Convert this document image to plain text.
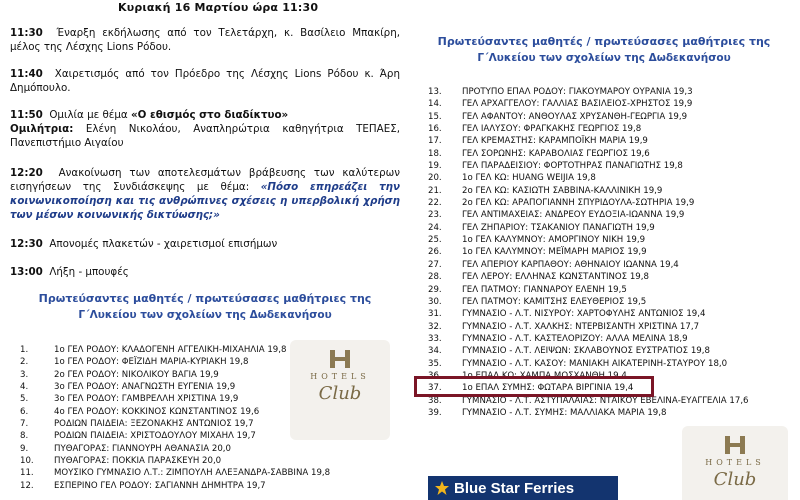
Κυριακή 16 Μαρτίου ώρα 11:30
11:30 Έναρξη εκδήλωσης από τον Τελετάρχη, κ. Βασίλειο Μπακίρη, μέλος της Λέσχης Lions Ρόδου.
11:40 Χαιρετισμός από τον Πρόεδρο της Λέσχης Lions Ρόδου κ. Άρη Δημόπουλο.
11:50 Ομιλία με θέμα «Ο εθισμός στο διαδίκτυο»
Ομιλήτρια: Ελένη Νικολάου, Αναπληρώτρια καθηγήτρια ΤΕΠΑΕΣ, Πανεπιστήμιο Αιγαίου
12:20 Ανακοίνωση των αποτελεσμάτων βράβευσης των καλύτερων εισηγήσεων της Συνδιάσκεψης με θέμα: «Πόσο επηρεάζει την κοινωνικοποίηση και τις ανθρώπινες σχέσεις η υπερβολική χρήση των μέσων κοινωνικής δικτύωσης;»
12:30 Απονομές πλακετών - χαιρετισμοί επισήμων
13:00 Λήξη - μπουφές
Πρωτεύσαντες μαθητές / πρωτεύσασες μαθήτριες της
Γ΄Λυκείου των σχολείων της Δωδεκανήσου
1.	1ο ΓΕΛ ΡΟΔΟΥ: ΚΛΑΔΟΓΕΝΗ ΑΓΓΕΛΙΚΗ-ΜΙΧΑΗΛΙΑ 19,8
2.	1ο ΓΕΛ ΡΟΔΟΥ: ΦΕΪΖΙΔΗ ΜΑΡΙΑ-ΚΥΡΙΑΚΗ 19,8
3.	2ο ΓΕΛ ΡΟΔΟΥ: ΝΙΚΟΛΙΚΟΥ ΒΑΓΙΑ 19,9
4.	3ο ΓΕΛ ΡΟΔΟΥ: ΑΝΑΓΝΩΣΤΗ ΕΥΓΕΝΙΑ 19,9
5.	3ο ΓΕΛ ΡΟΔΟΥ: ΓΑΜΒΡΕΛΛΗ ΧΡΙΣΤΙΝΑ 19,9
6.	4ο ΓΕΛ ΡΟΔΟΥ: ΚΟΚΚΙΝΟΣ ΚΩΝΣΤΑΝΤΙΝΟΣ 19,6
7.	ΡΟΔΙΩΝ ΠΑΙΔΕΙΑ: ΞΕΖΟΝΑΚΗΣ ΑΝΤΩΝΙΟΣ 19,7
8.	ΡΟΔΙΩΝ ΠΑΙΔΕΙΑ: ΧΡΙΣΤΟΔΟΥΛΟΥ ΜΙΧΑΗΛ 19,7
9.	ΠΥΘΑΓΟΡΑΣ: ΓΙΑΝΝΟΥΡΗ ΑΘΑΝΑΣΙΑ 20,0
10.	ΠΥΘΑΓΟΡΑΣ: ΠΟΚΚΙΑ ΠΑΡΑΣΚΕΥΗ 20,0
11.	ΜΟΥΣΙΚΟ ΓΥΜΝΑΣΙΟ Λ.Τ.: ΖΙΜΠΟΥΛΗ ΑΛΕΞΑΝΔΡΑ-ΣΑΒΒΙΝΑ 19,8
12.	ΕΣΠΕΡΙΝΟ ΓΕΛ ΡΟΔΟΥ: ΣΑΓΙΑΝΝΗ ΔΗΜΗΤΡΑ 19,7
HOTELS
Club
Πρωτεύσαντες μαθητές / πρωτεύσασες μαθήτριες της
Γ΄Λυκείου των σχολείων της Δωδεκανήσου
13.	ΠΡΟΤΥΠΟ ΕΠΑΛ ΡΟΔΟΥ: ΓΙΑΚΟΥΜΑΡΟΥ ΟΥΡΑΝΙΑ 19,3
14.	ΓΕΛ ΑΡΧΑΓΓΕΛΟΥ: ΓΑΛΛΙΑΣ ΒΑΣΙΛΕΙΟΣ-ΧΡΗΣΤΟΣ 19,9
15.	ΓΕΛ ΑΦΑΝΤΟΥ: ΑΝΘΟΥΛΑΣ ΧΡΥΣΑΝΘΗ-ΓΕΩΡΓΙΑ 19,9
16.	ΓΕΛ ΙΑΛΥΣΟΥ: ΦΡΑΓΚΑΚΗΣ ΓΕΩΡΓΙΟΣ 19,8
17.	ΓΕΛ ΚΡΕΜΑΣΤΗΣ: ΚΑΡΑΜΠΟΪΚΗ ΜΑΡΙΑ 19,9
18.	ΓΕΛ ΣΟΡΩΝΗΣ: ΚΑΡΑΒΟΛΙΑΣ ΓΕΩΡΓΙΟΣ 19,6
19.	ΓΕΛ ΠΑΡΑΔΕΙΣΙΟΥ: ΦΟΡΤΟΤΗΡΑΣ ΠΑΝΑΓΙΩΤΗΣ 19,8
20.	1ο ΓΕΛ ΚΩ: HUANG WEIJIA 19,8
21.	2ο ΓΕΛ ΚΩ: ΚΑΣΙΩΤΗ ΣΑΒΒΙΝΑ-ΚΑΛΛΙΝΙΚΗ 19,9
22.	2ο ΓΕΛ ΚΩ: ΑΡΑΠΟΓΙΑΝΝΗ ΣΠΥΡΙΔΟΥΛΑ-ΣΩΤΗΡΙΑ 19,9
23.	ΓΕΛ ΑΝΤΙΜΑΧΕΙΑΣ: ΑΝΔΡΕΟΥ ΕΥΔΟΞΙΑ-ΙΩΑΝΝΑ 19,9
24.	ΓΕΛ ΖΗΠΑΡΙΟΥ: ΤΣΑΚΑΝΙΟΥ ΠΑΝΑΓΙΩΤΗ 19,9
25.	1ο ΓΕΛ ΚΑΛΥΜΝΟΥ: ΑΜΟΡΓΙΝΟΥ ΝΙΚΗ 19,9
26.	1ο ΓΕΛ ΚΑΛΥΜΝΟΥ: ΜΕΪΜΑΡΗ ΜΑΡΙΟΣ 19,9
27.	ΓΕΛ ΑΠΕΡΙΟΥ ΚΑΡΠΑΘΟΥ: ΑΘΗΝΑΙΟΥ ΙΩΑΝΝΑ 19,4
28.	ΓΕΛ ΛΕΡΟΥ: ΕΛΛΗΝΑΣ ΚΩΝΣΤΑΝΤΙΝΟΣ 19,8
29.	ΓΕΛ ΠΑΤΜΟΥ: ΓΙΑΝΝΑΡΟΥ ΕΛΕΝΗ 19,5
30.	ΓΕΛ ΠΑΤΜΟΥ: ΚΑΜΙΤΣΗΣ ΕΛΕΥΘΕΡΙΟΣ 19,5
31.	ΓΥΜΝΑΣΙΟ - Λ.Τ. ΝΙΣΥΡΟΥ: ΧΑΡΤΟΦΥΛΗΣ ΑΝΤΩΝΙΟΣ 19,4
32.	ΓΥΜΝΑΣΙΟ - Λ.Τ. ΧΑΛΚΗΣ: ΝΤΕΡΒΙΣΑΝΤΗ ΧΡΙΣΤΙΝΑ 17,7
33.	ΓΥΜΝΑΣΙΟ - Λ.Τ. ΚΑΣΤΕΛΟΡΙΖΟΥ: ΑΛΛΑ ΜΕΛΙΝΑ 18,9
34.	ΓΥΜΝΑΣΙΟ - Λ.Τ. ΛΕΙΨΩΝ: ΣΚΛΑΒΟΥΝΟΣ ΕΥΣΤΡΑΤΙΟΣ 19,8
35.	ΓΥΜΝΑΣΙΟ - Λ.Τ. ΚΑΣΟΥ: ΜΑΝΙΑΚΗ ΑΙΚΑΤΕΡΙΝΗ-ΣΤΑΥΡΟΥ 18,0
36.	1ο ΕΠΑΛ ΚΩ: ΧΑΜΠΑ ΜΟΣΧΑΝΘΗ 19,4
37.	1ο ΕΠΑΛ ΣΥΜΗΣ: ΦΩΤΑΡΑ ΒΙΡΓΙΝΙΑ 19,4
38.	ΓΥΜΝΑΣΙΟ - Λ.Τ. ΑΣΤΥΠΑΛΑΙΑΣ: ΝΤΑΪΚΟΥ ΕΒΕΛΙΝΑ-ΕΥΑΓΓΕΛΙΑ 17,6
39.	ΓΥΜΝΑΣΙΟ - Λ.Τ. ΣΥΜΗΣ: ΜΑΛΛΙΑΚΑ ΜΑΡΙΑ 19,8
HOTELS
Club
Blue Star Ferries
